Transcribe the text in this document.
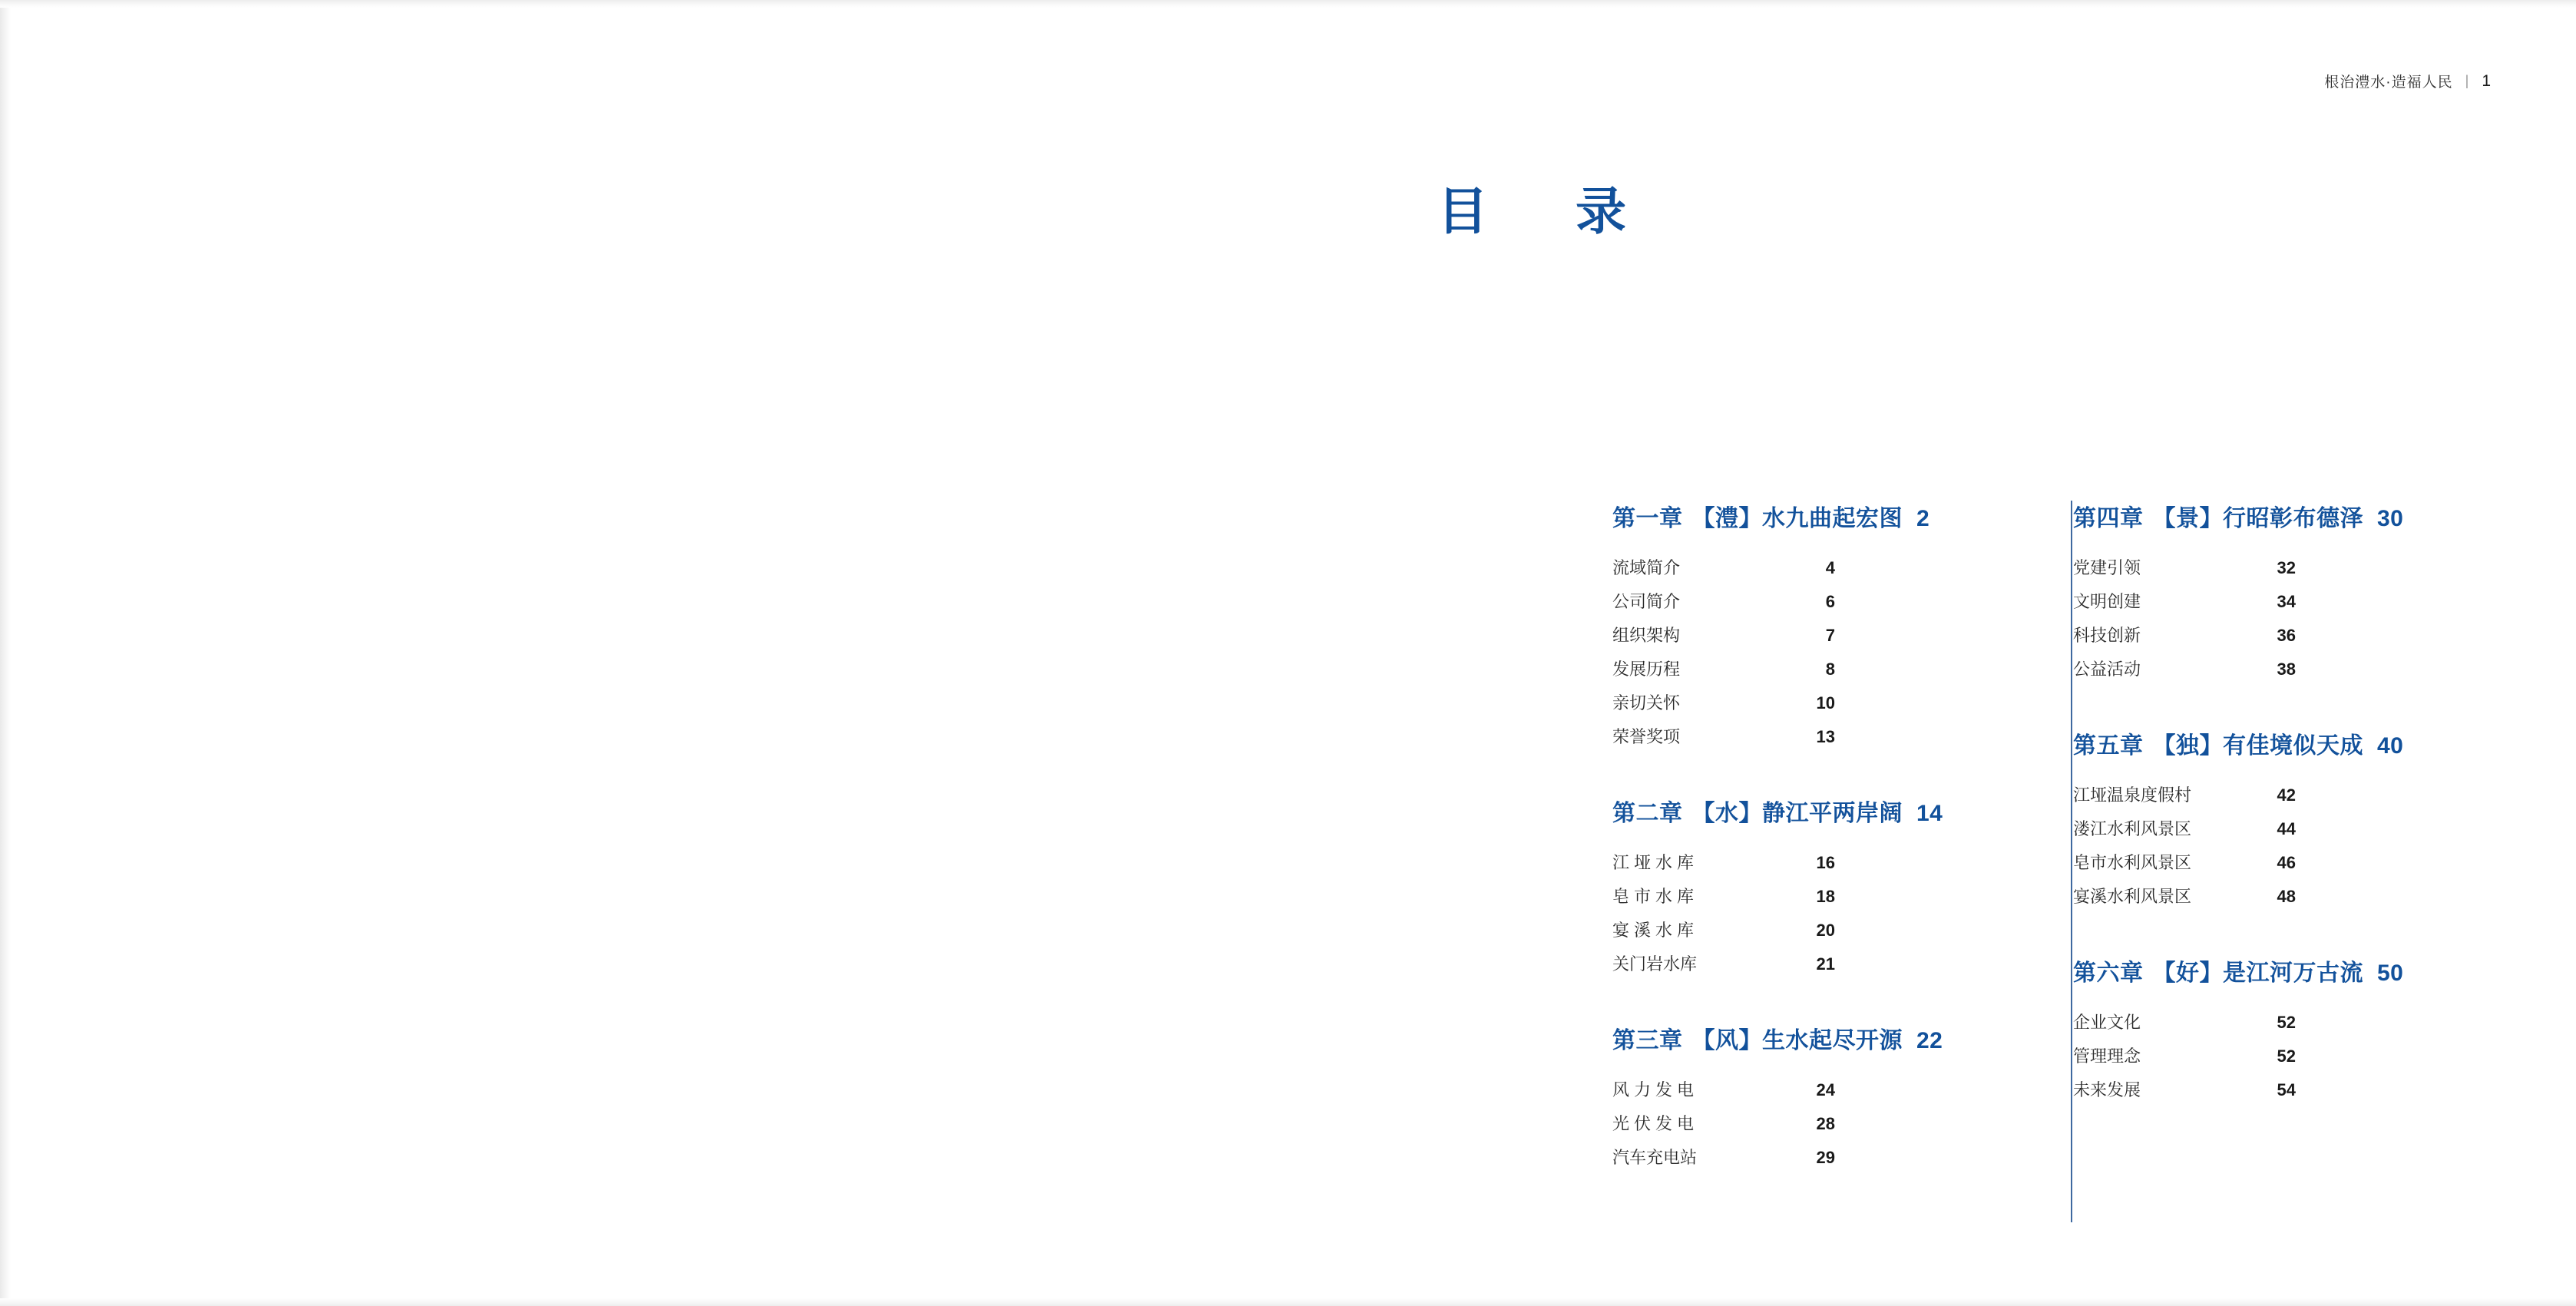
根治澧水·造福人民 | 1
目　录
第一章 【澧】水九曲起宏图 2
流域简介	4
公司简介	6
组织架构	7
发展历程	8
亲切关怀	10
荣誉奖项	13
第二章 【水】静江平两岸阔 14
江垭水库	16
皂市水库	18
宴溪水库	20
关门岩水库	21
第三章 【风】生水起尽开源 22
风力发电	24
光伏发电	28
汽车充电站	29
第四章 【景】行昭彰布德泽 30
党建引领	32
文明创建	34
科技创新	36
公益活动	38
第五章 【独】有佳境似天成 40
江垭温泉度假村	42
溇江水利风景区	44
皂市水利风景区	46
宴溪水利风景区	48
第六章 【好】是江河万古流 50
企业文化	52
管理理念	52
未来发展	54
